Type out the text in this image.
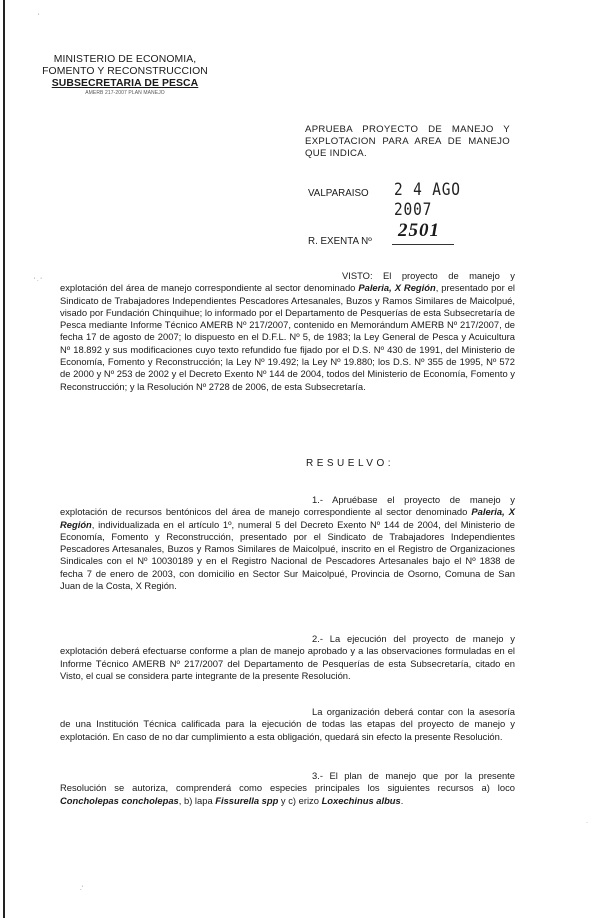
MINISTERIO DE ECONOMIA,
FOMENTO Y RECONSTRUCCION
SUBSECRETARIA DE PESCA
AMERB 217-2007 PLAN MANEJO
APRUEBA PROYECTO DE MANEJO Y EXPLOTACION PARA AREA DE MANEJO QUE INDICA.
VALPARAISO 2 4 AGO 2007
R. EXENTA Nº
2501
VISTO: El proyecto de manejo y explotación del área de manejo correspondiente al sector denominado Paleria, X Región, presentado por el Sindicato de Trabajadores Independientes Pescadores Artesanales, Buzos y Ramos Similares de Maicolpué, visado por Fundación Chinquihue; lo informado por el Departamento de Pesquerías de esta Subsecretaría de Pesca mediante Informe Técnico AMERB Nº 217/2007, contenido en Memorándum AMERB Nº 217/2007, de fecha 17 de agosto de 2007; lo dispuesto en el D.F.L. Nº 5, de 1983; la Ley General de Pesca y Acuicultura Nº 18.892 y sus modificaciones cuyo texto refundido fue fijado por el D.S. Nº 430 de 1991, del Ministerio de Economía, Fomento y Reconstrucción; la Ley Nº 19.492; la Ley Nº 19.880; los D.S. Nº 355 de 1995, Nº 572 de 2000 y Nº 253 de 2002 y el Decreto Exento Nº 144 de 2004, todos del Ministerio de Economía, Fomento y Reconstrucción; y la Resolución Nº 2728 de 2006, de esta Subsecretaría.
RESUELVO:
1.- Apruébase el proyecto de manejo y explotación de recursos bentónicos del área de manejo correspondiente al sector denominado Paleria, X Región, individualizada en el artículo 1º, numeral 5 del Decreto Exento Nº 144 de 2004, del Ministerio de Economía, Fomento y Reconstrucción, presentado por el Sindicato de Trabajadores Independientes Pescadores Artesanales, Buzos y Ramos Similares de Maicolpué, inscrito en el Registro de Organizaciones Sindicales con el Nº 10030189 y en el Registro Nacional de Pescadores Artesanales bajo el Nº 1838 de fecha 7 de enero de 2003, con domicilio en Sector Sur Maicolpué, Provincia de Osorno, Comuna de San Juan de la Costa, X Región.
2.- La ejecución del proyecto de manejo y explotación deberá efectuarse conforme a plan de manejo aprobado y a las observaciones formuladas en el Informe Técnico AMERB Nº 217/2007 del Departamento de Pesquerías de esta Subsecretaría, citado en Visto, el cual se considera parte integrante de la presente Resolución.
La organización deberá contar con la asesoría de una Institución Técnica calificada para la ejecución de todas las etapas del proyecto de manejo y explotación. En caso de no dar cumplimiento a esta obligación, quedará sin efecto la presente Resolución.
3.- El plan de manejo que por la presente Resolución se autoriza, comprenderá como especies principales los siguientes recursos a) loco Concholepas concholepas, b) lapa Fissurella spp y c) erizo Loxechinus albus.
'
' · '
·
.'
